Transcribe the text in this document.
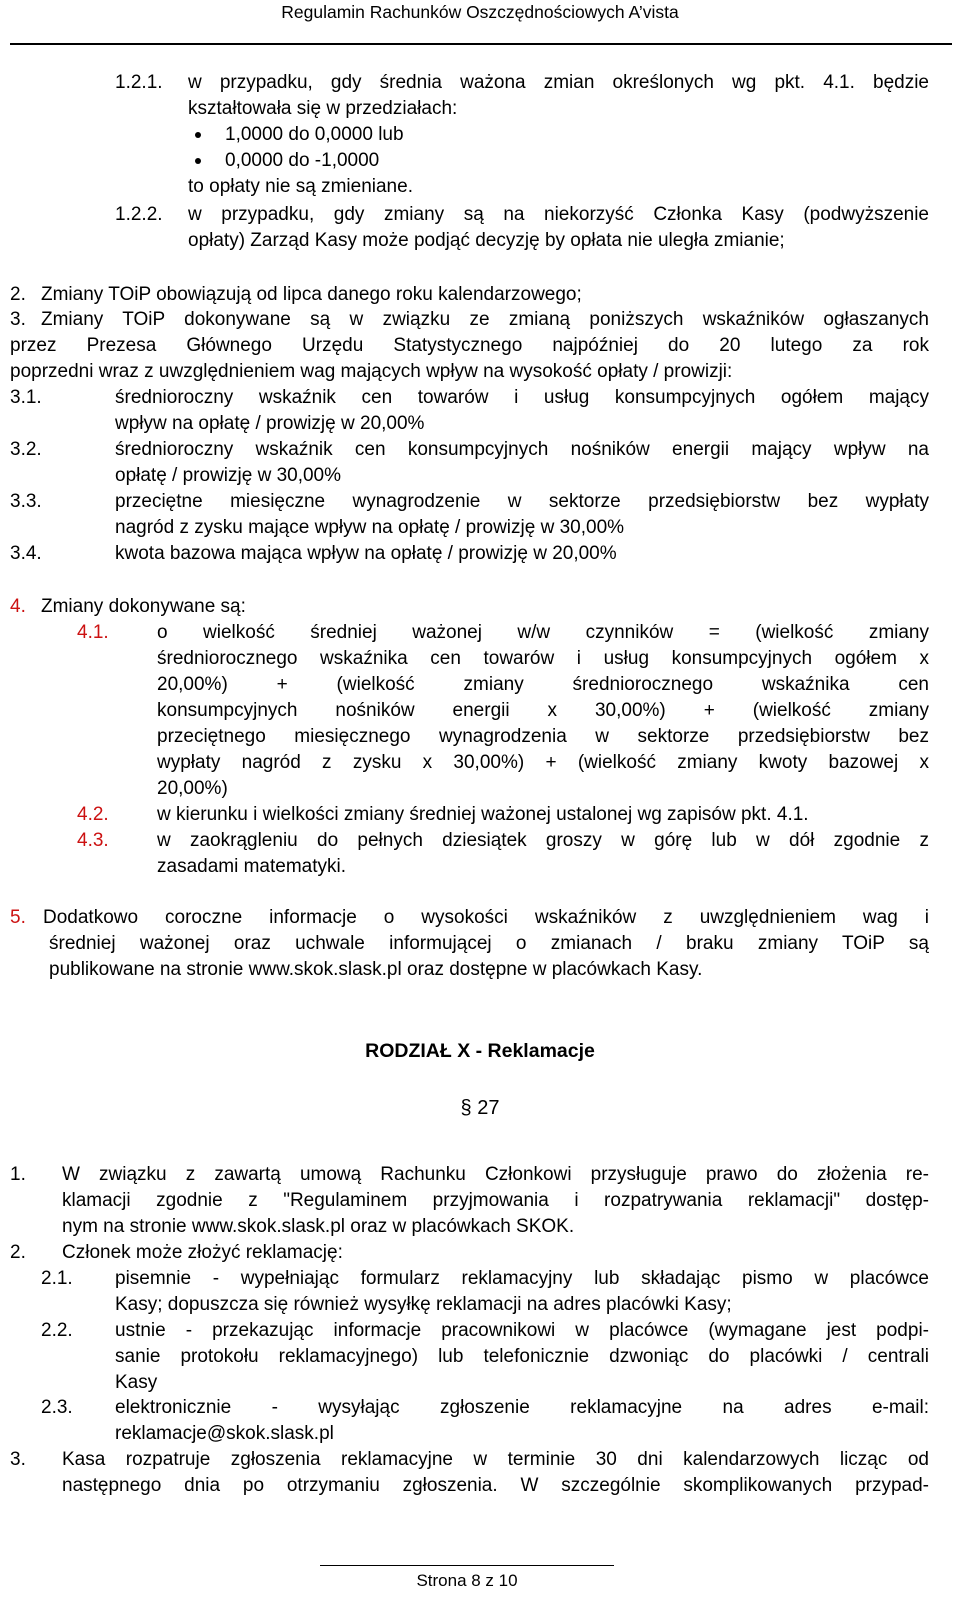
Regulamin Rachunków Oszczędnościowych A’vista
1.2.1. w przypadku, gdy średnia ważona zmian określonych wg pkt. 4.1. będzie
kształtowała się w przedziałach:
1,0000 do 0,0000 lub
0,0000 do -1,0000
to opłaty nie są zmieniane.
1.2.2. w przypadku, gdy zmiany są na niekorzyść Członka Kasy (podwyższenie
opłaty) Zarząd Kasy może podjąć decyzję by opłata nie uległa zmianie;
2. Zmiany TOiP obowiązują od lipca danego roku kalendarzowego;
3. Zmiany TOiP dokonywane są w związku ze zmianą poniższych wskaźników ogłaszanych
przez Prezesa Głównego Urzędu Statystycznego najpóźniej do 20 lutego za rok
poprzedni wraz z uwzględnieniem wag mających wpływ na wysokość opłaty / prowizji:
3.1.	średnioroczny wskaźnik cen towarów i usług konsumpcyjnych ogółem mający
wpływ na opłatę / prowizję w 20,00%
3.2.	średnioroczny wskaźnik cen konsumpcyjnych nośników energii mający wpływ na
opłatę / prowizję w 30,00%
3.3.	przeciętne miesięczne wynagrodzenie w sektorze przedsiębiorstw bez wypłaty
nagród z zysku mające wpływ na opłatę / prowizję w 30,00%
3.4.	kwota bazowa mająca wpływ na opłatę / prowizję w 20,00%
4. Zmiany dokonywane są:
4.1.	o wielkość średniej ważonej w/w czynników = (wielkość zmiany
średniorocznego wskaźnika cen towarów i usług konsumpcyjnych ogółem x
20,00%) + (wielkość zmiany średniorocznego wskaźnika cen
konsumpcyjnych nośników energii x 30,00%) + (wielkość zmiany
przeciętnego miesięcznego wynagrodzenia w sektorze przedsiębiorstw bez
wypłaty nagród z zysku x 30,00%) + (wielkość zmiany kwoty bazowej x
20,00%)
4.2.	w kierunku i wielkości zmiany średniej ważonej ustalonej wg zapisów pkt. 4.1.
4.3.	w zaokrągleniu do pełnych dziesiątek groszy w górę lub w dół zgodnie z
zasadami matematyki.
5. Dodatkowo coroczne informacje o wysokości wskaźników z uwzględnieniem wag i
średniej ważonej oraz uchwale informującej o zmianach / braku zmiany TOiP są
publikowane na stronie www.skok.slask.pl oraz dostępne w placówkach Kasy.
RODZIAŁ X - Reklamacje
§ 27
1. W związku z zawartą umową Rachunku Członkowi przysługuje prawo do złożenia re-
klamacji zgodnie z "Regulaminem przyjmowania i rozpatrywania reklamacji" dostęp-
nym na stronie www.skok.slask.pl oraz w placówkach SKOK.
2. Członek może złożyć reklamację:
2.1. pisemnie - wypełniając formularz reklamacyjny lub składając pismo w placówce
Kasy; dopuszcza się również wysyłkę reklamacji na adres placówki Kasy;
2.2. ustnie - przekazując informacje pracownikowi w placówce (wymagane jest podpi-
sanie protokołu reklamacyjnego) lub telefonicznie dzwoniąc do placówki / centrali
Kasy
2.3. elektronicznie - wysyłając zgłoszenie reklamacyjne na adres e-mail:
reklamacje@skok.slask.pl
3. Kasa rozpatruje zgłoszenia reklamacyjne w terminie 30 dni kalendarzowych licząc od
następnego dnia po otrzymaniu zgłoszenia. W szczególnie skomplikowanych przypad-
Strona 8 z 10
